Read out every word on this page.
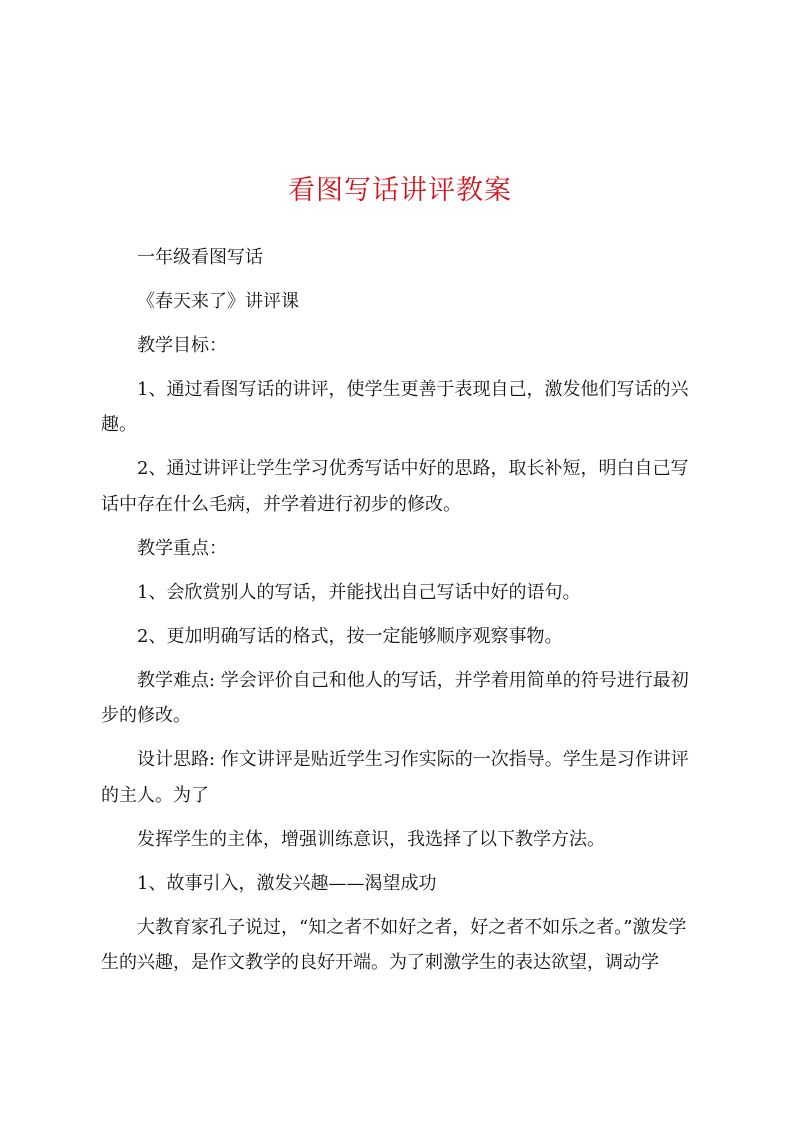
看图写话讲评教案

一年级看图写话

《春天来了》讲评课

教学目标：

1、通过看图写话的讲评，使学生更善于表现自己，激发他们写话的兴趣。

2、通过讲评让学生学习优秀写话中好的思路，取长补短，明白自己写话中存在什么毛病，并学着进行初步的修改。

教学重点：

1、会欣赏别人的写话，并能找出自己写话中好的语句。

2、更加明确写话的格式，按一定能够顺序观察事物。

教学难点: 学会评价自己和他人的写话，并学着用简单的符号进行最初步的修改。

设计思路: 作文讲评是贴近学生习作实际的一次指导。学生是习作讲评的主人。为了

发挥学生的主体，增强训练意识，我选择了以下教学方法。

1、故事引入，激发兴趣——渴望成功

大教育家孔子说过，“知之者不如好之者，好之者不如乐之者。”激发学生的兴趣，是作文教学的良好开端。为了刺激学生的表达欲望，调动学
